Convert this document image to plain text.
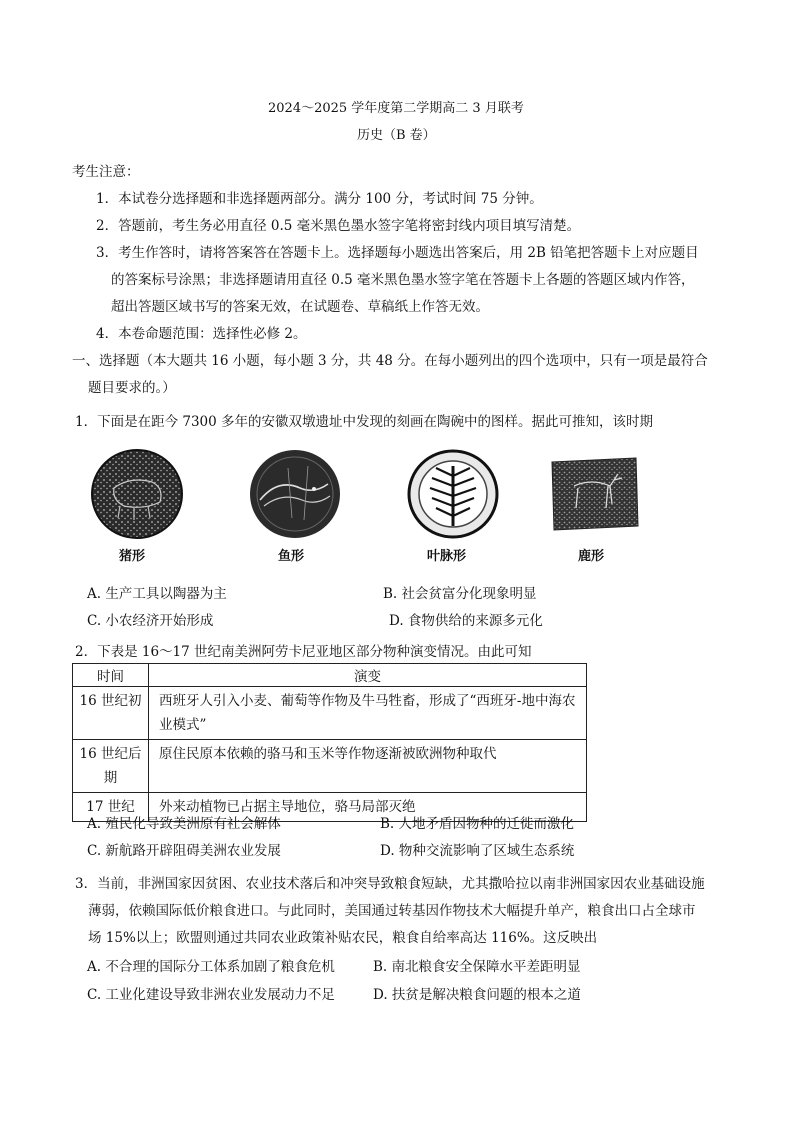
2024～2025 学年度第二学期高二 3 月联考
历史（B 卷）
考生注意：
1．本试卷分选择题和非选择题两部分。满分 100 分，考试时间 75 分钟。
2．答题前，考生务必用直径 0.5 毫米黑色墨水签字笔将密封线内项目填写清楚。
3．考生作答时，请将答案答在答题卡上。选择题每小题选出答案后，用 2B 铅笔把答题卡上对应题目
的答案标号涂黑；非选择题请用直径 0.5 毫米黑色墨水签字笔在答题卡上各题的答题区域内作答，
超出答题区域书写的答案无效，在试题卷、草稿纸上作答无效。
4．本卷命题范围：选择性必修 2。
一、选择题（本大题共 16 小题，每小题 3 分，共 48 分。在每小题列出的四个选项中，只有一项是最符合
题目要求的。）
1．下面是在距今 7300 多年的安徽双墩遗址中发现的刻画在陶碗中的图样。据此可推知，该时期
猪形	鱼形	叶脉形	鹿形
A. 生产工具以陶器为主	B. 社会贫富分化现象明显
C. 小农经济开始形成	D. 食物供给的来源多元化
2．下表是 16～17 世纪南美洲阿劳卡尼亚地区部分物种演变情况。由此可知
时间	演变

16 世纪初	西班牙人引入小麦、葡萄等作物及牛马牲畜，形成了“西班牙-地中海农业模式”

16 世纪后期	原住民原本依赖的骆马和玉米等作物逐渐被欧洲物种取代

17 世纪	外来动植物已占据主导地位，骆马局部灭绝
A. 殖民化导致美洲原有社会解体	B. 人地矛盾因物种的迁徙而激化
C. 新航路开辟阻碍美洲农业发展	D. 物种交流影响了区域生态系统
3．当前，非洲国家因贫困、农业技术落后和冲突导致粮食短缺，尤其撒哈拉以南非洲国家因农业基础设施
薄弱，依赖国际低价粮食进口。与此同时，美国通过转基因作物技术大幅提升单产，粮食出口占全球市
场 15%以上；欧盟则通过共同农业政策补贴农民，粮食自给率高达 116%。这反映出
A. 不合理的国际分工体系加剧了粮食危机	B. 南北粮食安全保障水平差距明显
C. 工业化建设导致非洲农业发展动力不足	D. 扶贫是解决粮食问题的根本之道
